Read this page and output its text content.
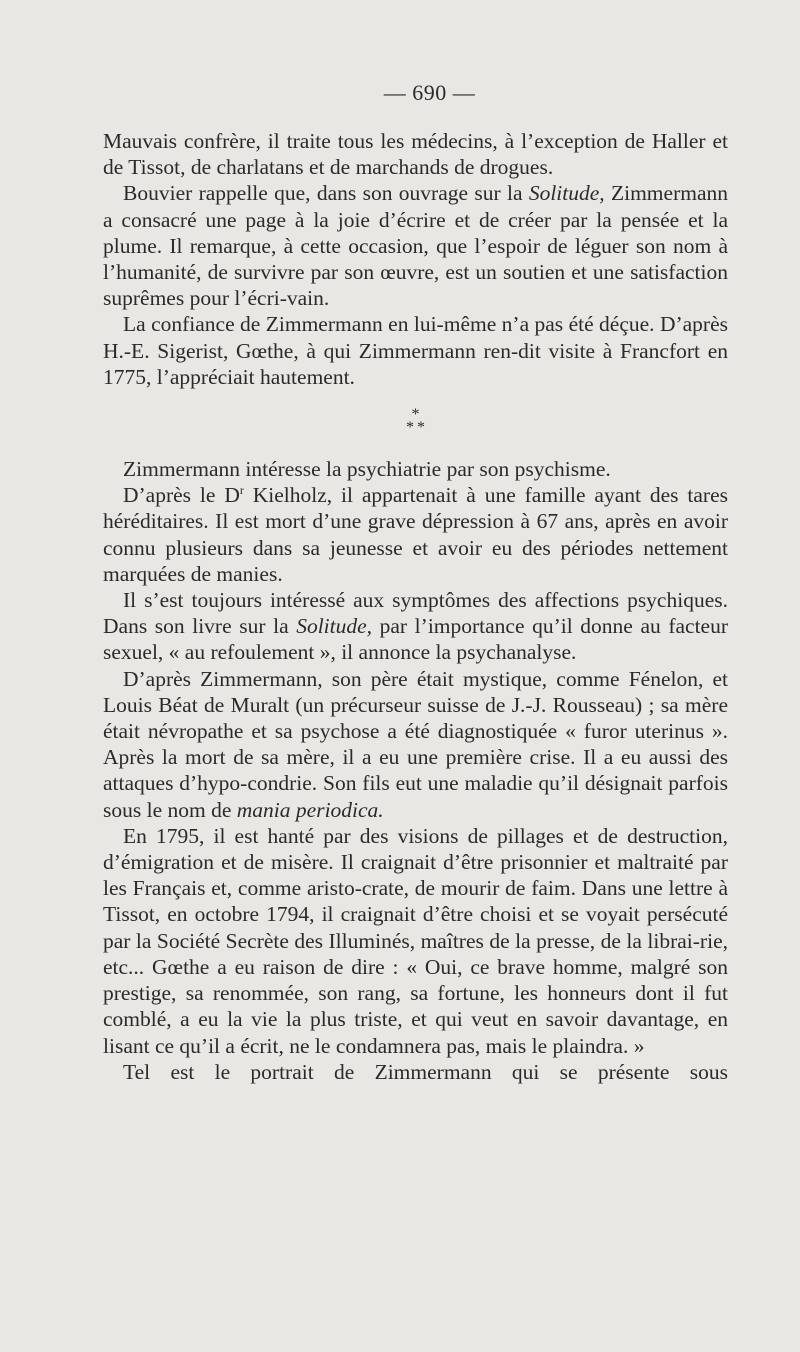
— 690 —

Mauvais confrère, il traite tous les médecins, à l’exception de Haller et de Tissot, de charlatans et de marchands de drogues.

Bouvier rappelle que, dans son ouvrage sur la Solitude, Zimmermann a consacré une page à la joie d’écrire et de créer par la pensée et la plume. Il remarque, à cette occasion, que l’espoir de léguer son nom à l’humanité, de survivre par son œuvre, est un soutien et une satisfaction suprêmes pour l’écri-vain.

La confiance de Zimmermann en lui-même n’a pas été déçue. D’après H.-E. Sigerist, Gœthe, à qui Zimmermann ren-dit visite à Francfort en 1775, l’appréciait hautement.

*
* *

Zimmermann intéresse la psychiatrie par son psychisme.

D’après le $D^r$ Kielholz, il appartenait à une famille ayant des tares héréditaires. Il est mort d’une grave dépression à 67 ans, après en avoir connu plusieurs dans sa jeunesse et avoir eu des périodes nettement marquées de manies.

Il s’est toujours intéressé aux symptômes des affections psychiques. Dans son livre sur la Solitude, par l’importance qu’il donne au facteur sexuel, « au refoulement », il annonce la psychanalyse.

D’après Zimmermann, son père était mystique, comme Fénelon, et Louis Béat de Muralt (un précurseur suisse de J.-J. Rousseau) ; sa mère était névropathe et sa psychose a été diagnostiquée « furor uterinus ». Après la mort de sa mère, il a eu une première crise. Il a eu aussi des attaques d’hypo-condrie. Son fils eut une maladie qu’il désignait parfois sous le nom de mania periodica.

En 1795, il est hanté par des visions de pillages et de destruction, d’émigration et de misère. Il craignait d’être prisonnier et maltraité par les Français et, comme aristo-crate, de mourir de faim. Dans une lettre à Tissot, en octobre 1794, il craignait d’être choisi et se voyait persécuté par la Société Secrète des Illuminés, maîtres de la presse, de la librai-rie, etc... Gœthe a eu raison de dire : « Oui, ce brave homme, malgré son prestige, sa renommée, son rang, sa fortune, les honneurs dont il fut comblé, a eu la vie la plus triste, et qui veut en savoir davantage, en lisant ce qu’il a écrit, ne le condamnera pas, mais le plaindra. »

Tel est le portrait de Zimmermann qui se présente sous
